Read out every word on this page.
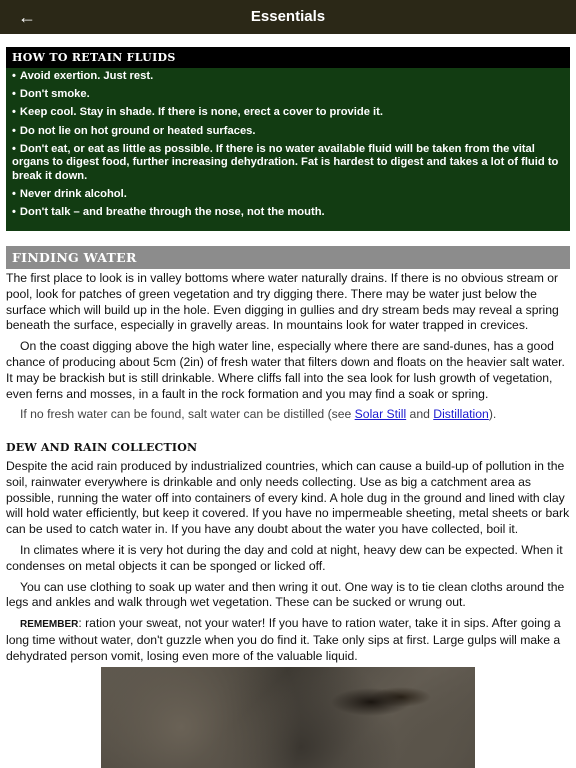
←	Essentials
HOW TO RETAIN FLUIDS
• Avoid exertion. Just rest.
• Don't smoke.
• Keep cool. Stay in shade. If there is none, erect a cover to provide it.
• Do not lie on hot ground or heated surfaces.
• Don't eat, or eat as little as possible. If there is no water available fluid will be taken from the vital organs to digest food, further increasing dehydration. Fat is hardest to digest and takes a lot of fluid to break it down.
• Never drink alcohol.
• Don't talk – and breathe through the nose, not the mouth.
FINDING WATER

The first place to look is in valley bottoms where water naturally drains. If there is no obvious stream or pool, look for patches of green vegetation and try digging there. There may be water just below the surface which will build up in the hole. Even digging in gullies and dry stream beds may reveal a spring beneath the surface, especially in gravelly areas. In mountains look for water trapped in crevices.

On the coast digging above the high water line, especially where there are sand-dunes, has a good chance of producing about 5cm (2in) of fresh water that filters down and floats on the heavier salt water. It may be brackish but is still drinkable. Where cliffs fall into the sea look for lush growth of vegetation, even ferns and mosses, in a fault in the rock formation and you may find a soak or spring.

If no fresh water can be found, salt water can be distilled (see Solar Still and Distillation).

DEW AND RAIN COLLECTION

Despite the acid rain produced by industrialized countries, which can cause a build-up of pollution in the soil, rainwater everywhere is drinkable and only needs collecting. Use as big a catchment area as possible, running the water off into containers of every kind. A hole dug in the ground and lined with clay will hold water efficiently, but keep it covered. If you have no impermeable sheeting, metal sheets or bark can be used to catch water in. If you have any doubt about the water you have collected, boil it.

In climates where it is very hot during the day and cold at night, heavy dew can be expected. When it condenses on metal objects it can be sponged or licked off.

You can use clothing to soak up water and then wring it out. One way is to tie clean cloths around the legs and ankles and walk through wet vegetation. These can be sucked or wrung out.

REMEMBER: ration your sweat, not your water! If you have to ration water, take it in sips. After going a long time without water, don't guzzle when you do find it. Take only sips at first. Large gulps will make a dehydrated person vomit, losing even more of the valuable liquid.
